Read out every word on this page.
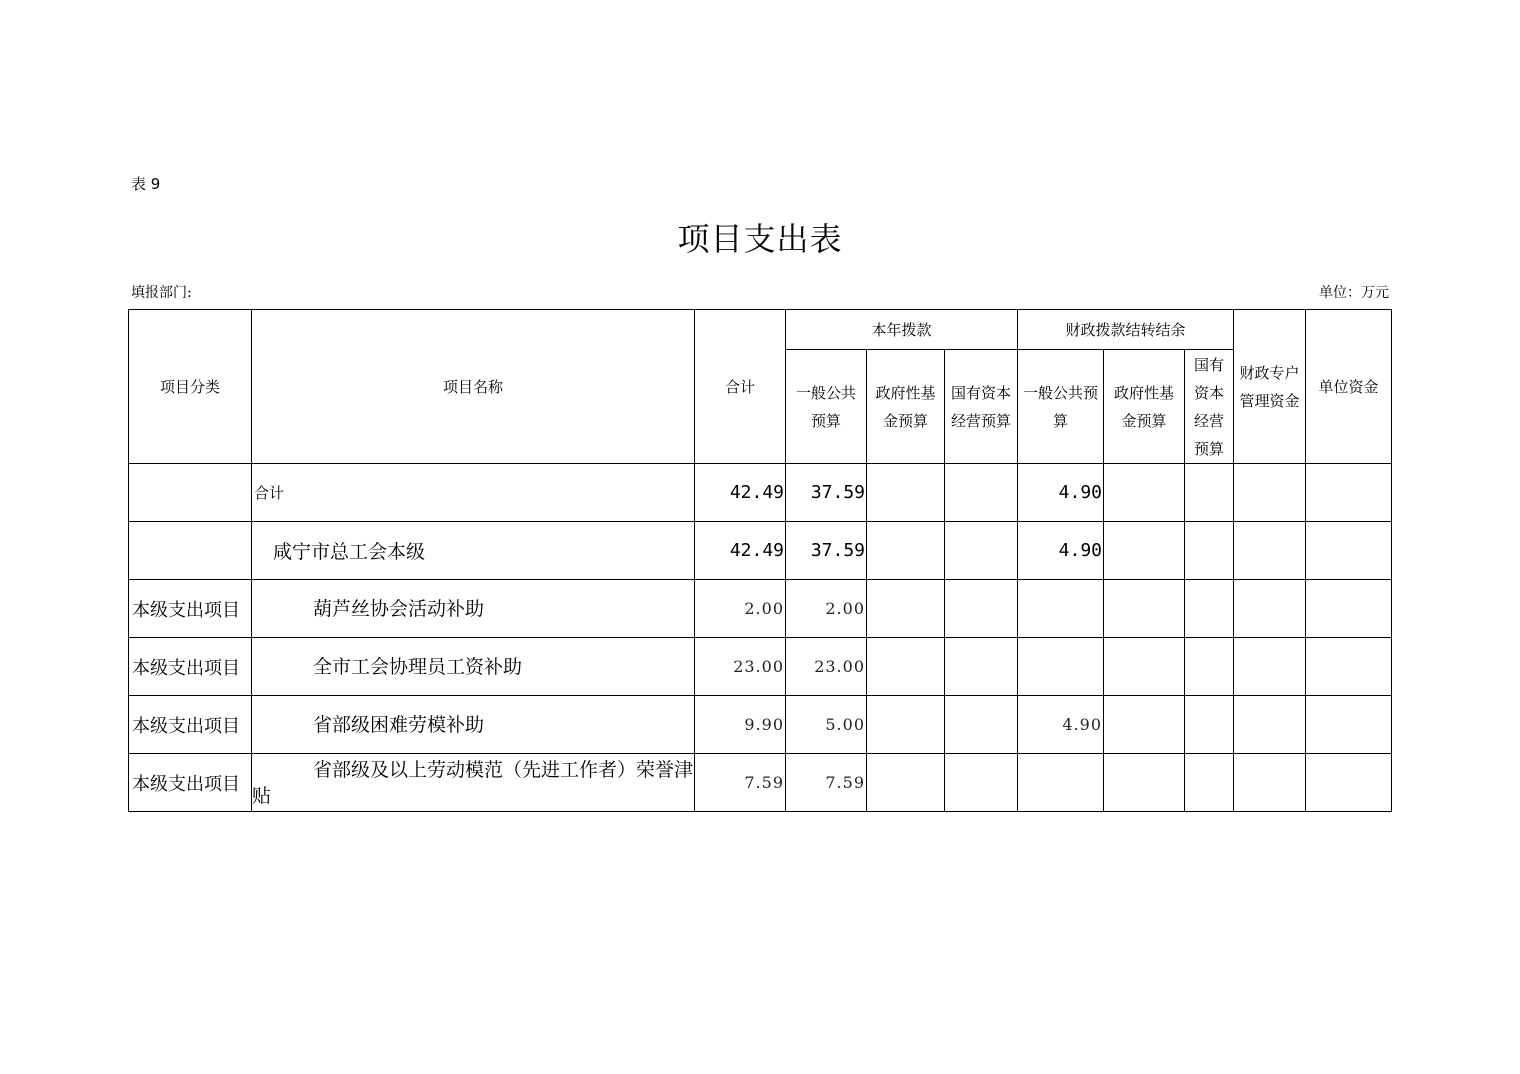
表 9
项目支出表
填报部门:	单位：万元
项目分类	项目名称	合计	本年拨款			财政拨款结转结余			财政专户管理资金	单位资金
			一般公共预算	政府性基金预算	国有资本经营预算	一般公共预算	政府性基金预算	国有资本经营预算		
	合计	42.49	37.59			4.90				
	咸宁市总工会本级	42.49	37.59			4.90				
本级支出项目	葫芦丝协会活动补助	2.00	2.00							
本级支出项目	全市工会协理员工资补助	23.00	23.00							
本级支出项目	省部级困难劳模补助	9.90	5.00			4.90				
本级支出项目	省部级及以上劳动模范（先进工作者）荣誉津贴	7.59	7.59							
